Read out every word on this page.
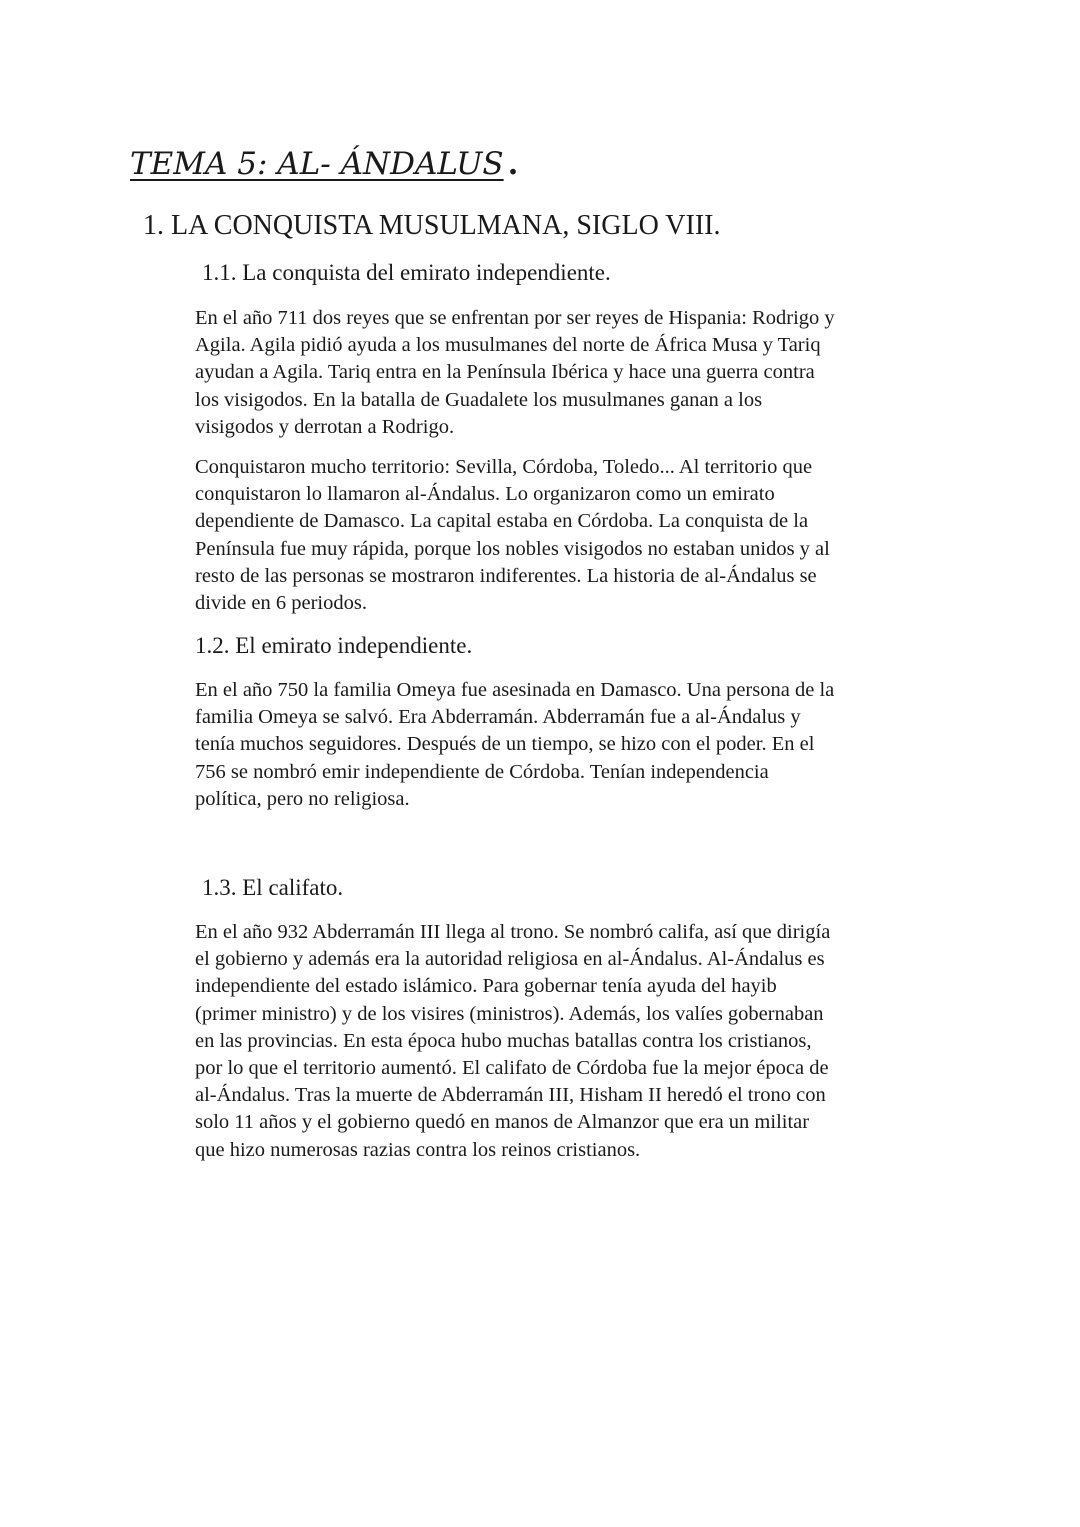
TEMA 5: AL- ÁNDALUS .
1. LA CONQUISTA MUSULMANA, SIGLO VIII.
1.1. La conquista del emirato independiente.

En el año 711 dos reyes que se enfrentan por ser reyes de Hispania: Rodrigo y
Agila. Agila pidió ayuda a los musulmanes del norte de África Musa y Tariq
ayudan a Agila. Tariq entra en la Península Ibérica y hace una guerra contra
los visigodos. En la batalla de Guadalete los musulmanes ganan a los
visigodos y derrotan a Rodrigo.

Conquistaron mucho territorio: Sevilla, Córdoba, Toledo... Al territorio que
conquistaron lo llamaron al-Ándalus. Lo organizaron como un emirato
dependiente de Damasco. La capital estaba en Córdoba. La conquista de la
Península fue muy rápida, porque los nobles visigodos no estaban unidos y al
resto de las personas se mostraron indiferentes. La historia de al-Ándalus se
divide en 6 periodos.

1.2. El emirato independiente.

En el año 750 la familia Omeya fue asesinada en Damasco. Una persona de la
familia Omeya se salvó. Era Abderramán. Abderramán fue a al-Ándalus y
tenía muchos seguidores. Después de un tiempo, se hizo con el poder. En el
756 se nombró emir independiente de Córdoba. Tenían independencia
política, pero no religiosa.

1.3. El califato.

En el año 932 Abderramán III llega al trono. Se nombró califa, así que dirigía
el gobierno y además era la autoridad religiosa en al-Ándalus. Al-Ándalus es
independiente del estado islámico. Para gobernar tenía ayuda del hayib
(primer ministro) y de los visires (ministros). Además, los valíes gobernaban
en las provincias. En esta época hubo muchas batallas contra los cristianos,
por lo que el territorio aumentó. El califato de Córdoba fue la mejor época de
al-Ándalus. Tras la muerte de Abderramán III, Hisham II heredó el trono con
solo 11 años y el gobierno quedó en manos de Almanzor que era un militar
que hizo numerosas razias contra los reinos cristianos.
